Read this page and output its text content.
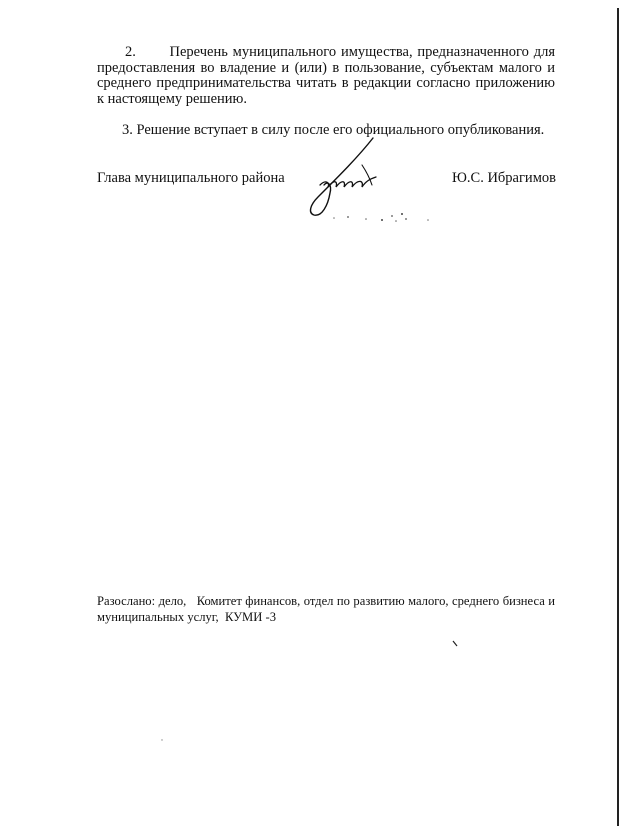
2.       Перечень муниципального имущества, предназначенного для предоставления во владение и (или) в пользование, субъектам малого и среднего предпринимательства читать в редакции согласно приложению к настоящему решению.

3. Решение вступает в силу после его официального опубликования.

Глава муниципального района	Ю.С. Ибрагимов

Разослано: дело,   Комитет финансов, отдел по развитию малого, среднего бизнеса и муниципальных услуг,  КУМИ -3
